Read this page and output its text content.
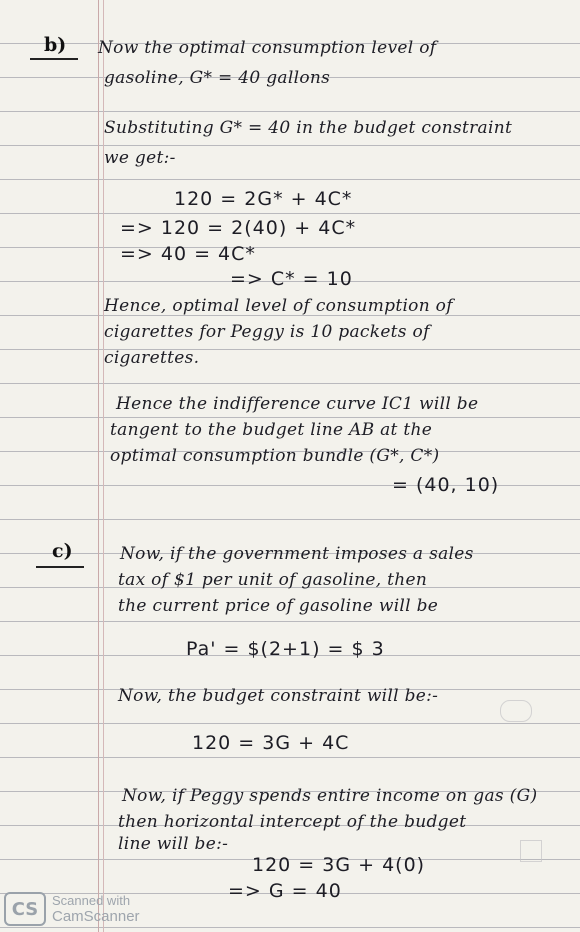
b) Now the optimal consumption level of
gasoline, G* = 40 gallons
Substituting G* = 40 in the budget constraint
we get:-
120 = 2G* + 4C*
=> 120 = 2(40) + 4C*
=> 40 = 4C*
=> C* = 10
Hence, optimal level of consumption of
cigarettes for Peggy is 10 packets of
cigarettes.
Hence the indifference curve IC1 will be
tangent to the budget line AB at the
optimal consumption bundle (G*, C*)
= (40, 10)
c)	Now, if the government imposes a sales
tax of $1 per unit of gasoline, then
the current price of gasoline will be
Pa' = $(2+1) = $ 3
Now, the budget constraint will be:-
120 = 3G + 4C
Now, if Peggy spends entire income on gas (G)
then horizontal intercept of the budget
line will be:-
120 = 3G + 4(0)
=> G = 40
CS	Scanned with
CamScanner
